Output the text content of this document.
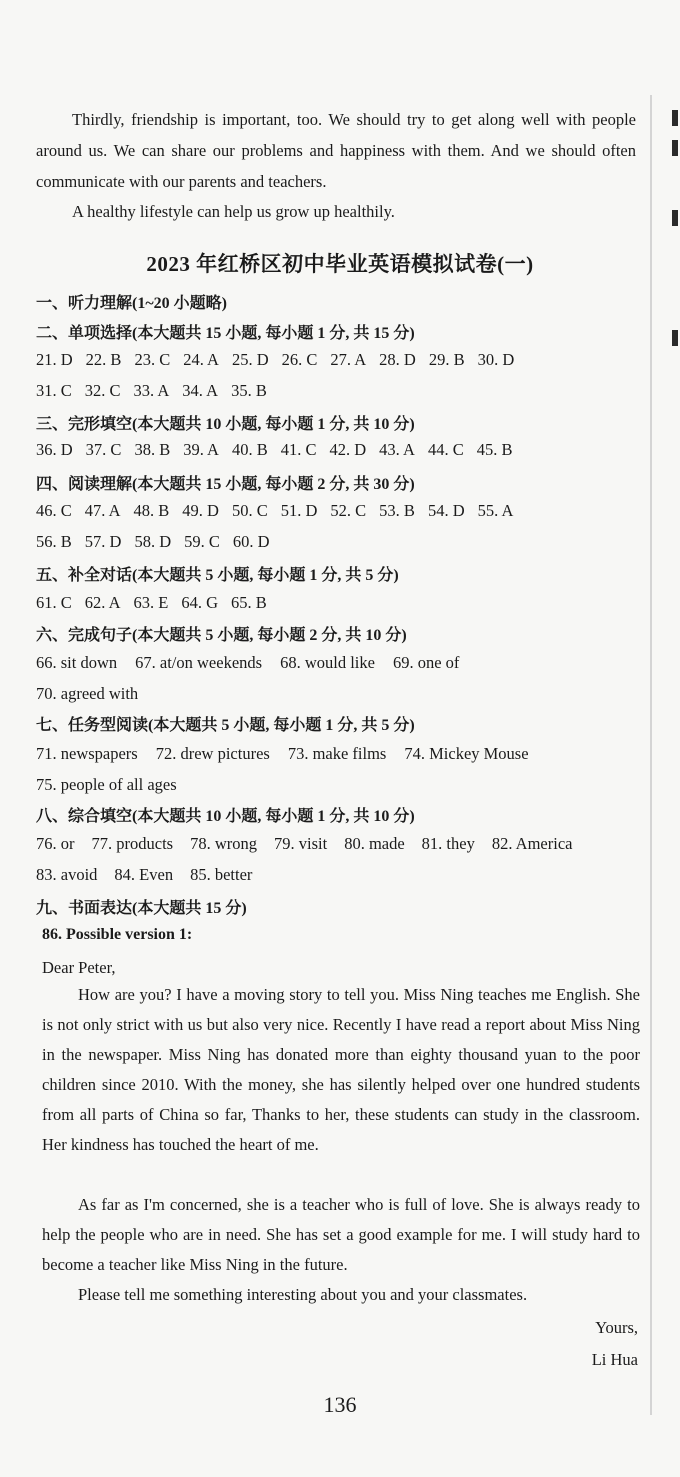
Thirdly, friendship is important, too. We should try to get along well with people around us. We can share our problems and happiness with them. And we should often communicate with our parents and teachers.
A healthy lifestyle can help us grow up healthily.
2023 年红桥区初中毕业英语模拟试卷(一)
一、听力理解(1~20 小题略)
二、单项选择(本大题共 15 小题, 每小题 1 分, 共 15 分)
21. D 22. B 23. C 24. A 25. D 26. C 27. A 28. D 29. B 30. D
31. C 32. C 33. A 34. A 35. B
三、完形填空(本大题共 10 小题, 每小题 1 分, 共 10 分)
36. D 37. C 38. B 39. A 40. B 41. C 42. D 43. A 44. C 45. B
四、阅读理解(本大题共 15 小题, 每小题 2 分, 共 30 分)
46. C 47. A 48. B 49. D 50. C 51. D 52. C 53. B 54. D 55. A
56. B 57. D 58. D 59. C 60. D
五、补全对话(本大题共 5 小题, 每小题 1 分, 共 5 分)
61. C 62. A 63. E 64. G 65. B
六、完成句子(本大题共 5 小题, 每小题 2 分, 共 10 分)
66. sit down 67. at/on weekends 68. would like 69. one of
70. agreed with
七、任务型阅读(本大题共 5 小题, 每小题 1 分, 共 5 分)
71. newspapers 72. drew pictures 73. make films 74. Mickey Mouse
75. people of all ages
八、综合填空(本大题共 10 小题, 每小题 1 分, 共 10 分)
76. or 77. products 78. wrong 79. visit 80. made 81. they 82. America
83. avoid 84. Even 85. better
九、书面表达(本大题共 15 分)
86. Possible version 1:
Dear Peter,
How are you? I have a moving story to tell you. Miss Ning teaches me English. She is not only strict with us but also very nice. Recently I have read a report about Miss Ning in the newspaper. Miss Ning has donated more than eighty thousand yuan to the poor children since 2010. With the money, she has silently helped over one hundred students from all parts of China so far, Thanks to her, these students can study in the classroom. Her kindness has touched the heart of me.
As far as I'm concerned, she is a teacher who is full of love. She is always ready to help the people who are in need. She has set a good example for me. I will study hard to become a teacher like Miss Ning in the future.
Please tell me something interesting about you and your classmates.
Yours,
Li Hua
136
